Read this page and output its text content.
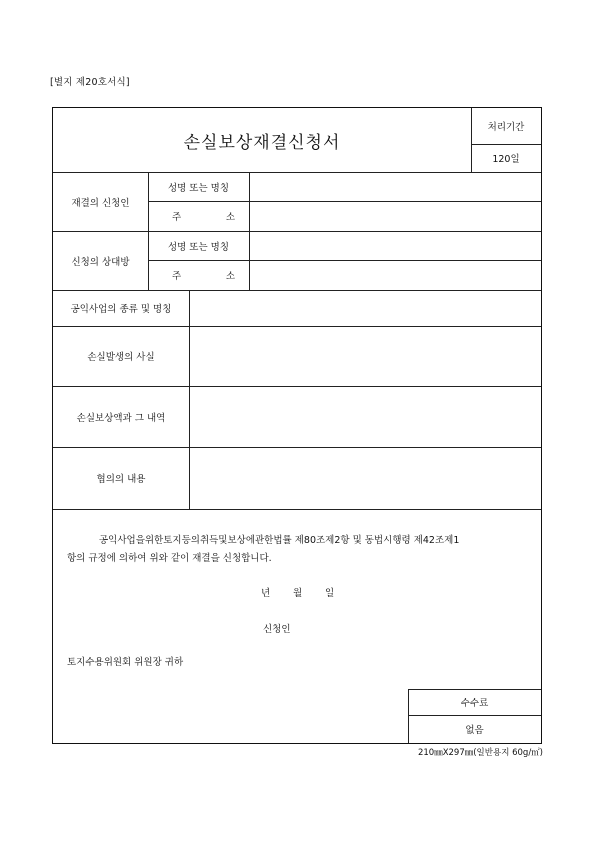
[별지 제20호서식]
손실보상재결신청서
처리기간
120일
재결의 신청인
성명 또는 명칭
주	소
신청의 상대방
성명 또는 명칭
주	소
공익사업의 종류 및 명칭
손실발생의 사실
손실보상액과 그 내역
협의의 내용
공익사업을위한토지등의취득및보상에관한법률 제80조제2항 및 동법시행령 제42조제1
항의 규정에 의하여 위와 같이 재결을 신청합니다.
년 월 일
신청인
토지수용위원회 위원장 귀하
수수료
없음
210㎜X297㎜(일반용지 60g/㎡)
